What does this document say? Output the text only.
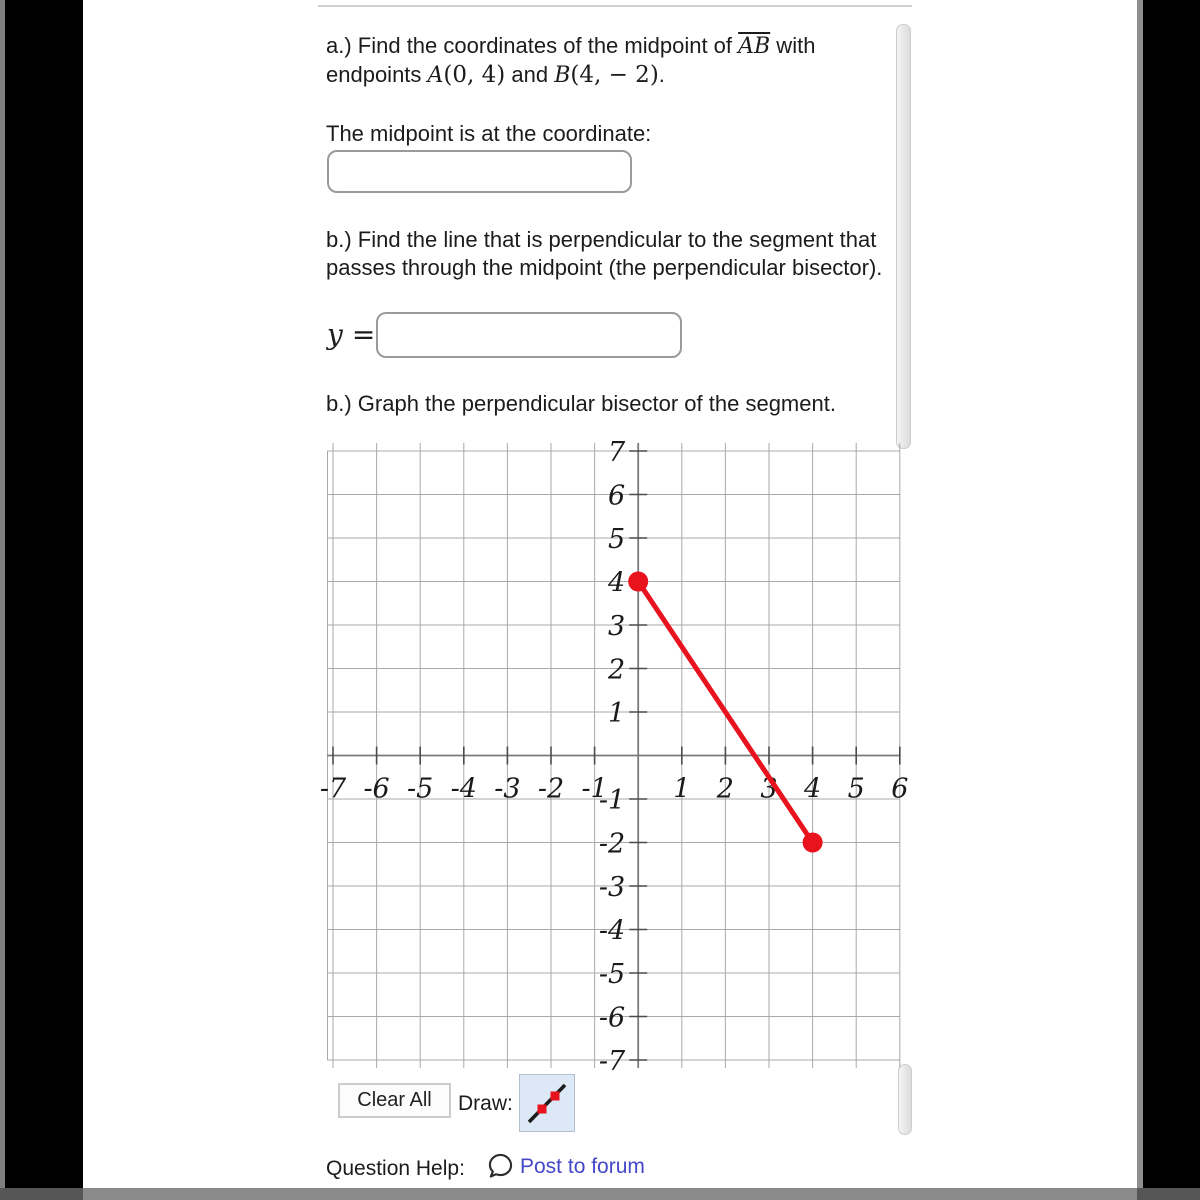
a.) Find the coordinates of the midpoint of $\overline{AB}$ with
endpoints A(0, 4) and B(4, − 2).
The midpoint is at the coordinate:
b.) Find the line that is perpendicular to the segment that
passes through the midpoint (the perpendicular bisector).
y =
b.) Graph the perpendicular bisector of the segment.
-7 -6 -5 -4 -3 -2 -1 1 2 3 4 5 6
7
6
5
4
3
2
1
-1
-2
-3
-4
-5
-6
-7
Clear All	Draw:
Question Help:	Post to forum
